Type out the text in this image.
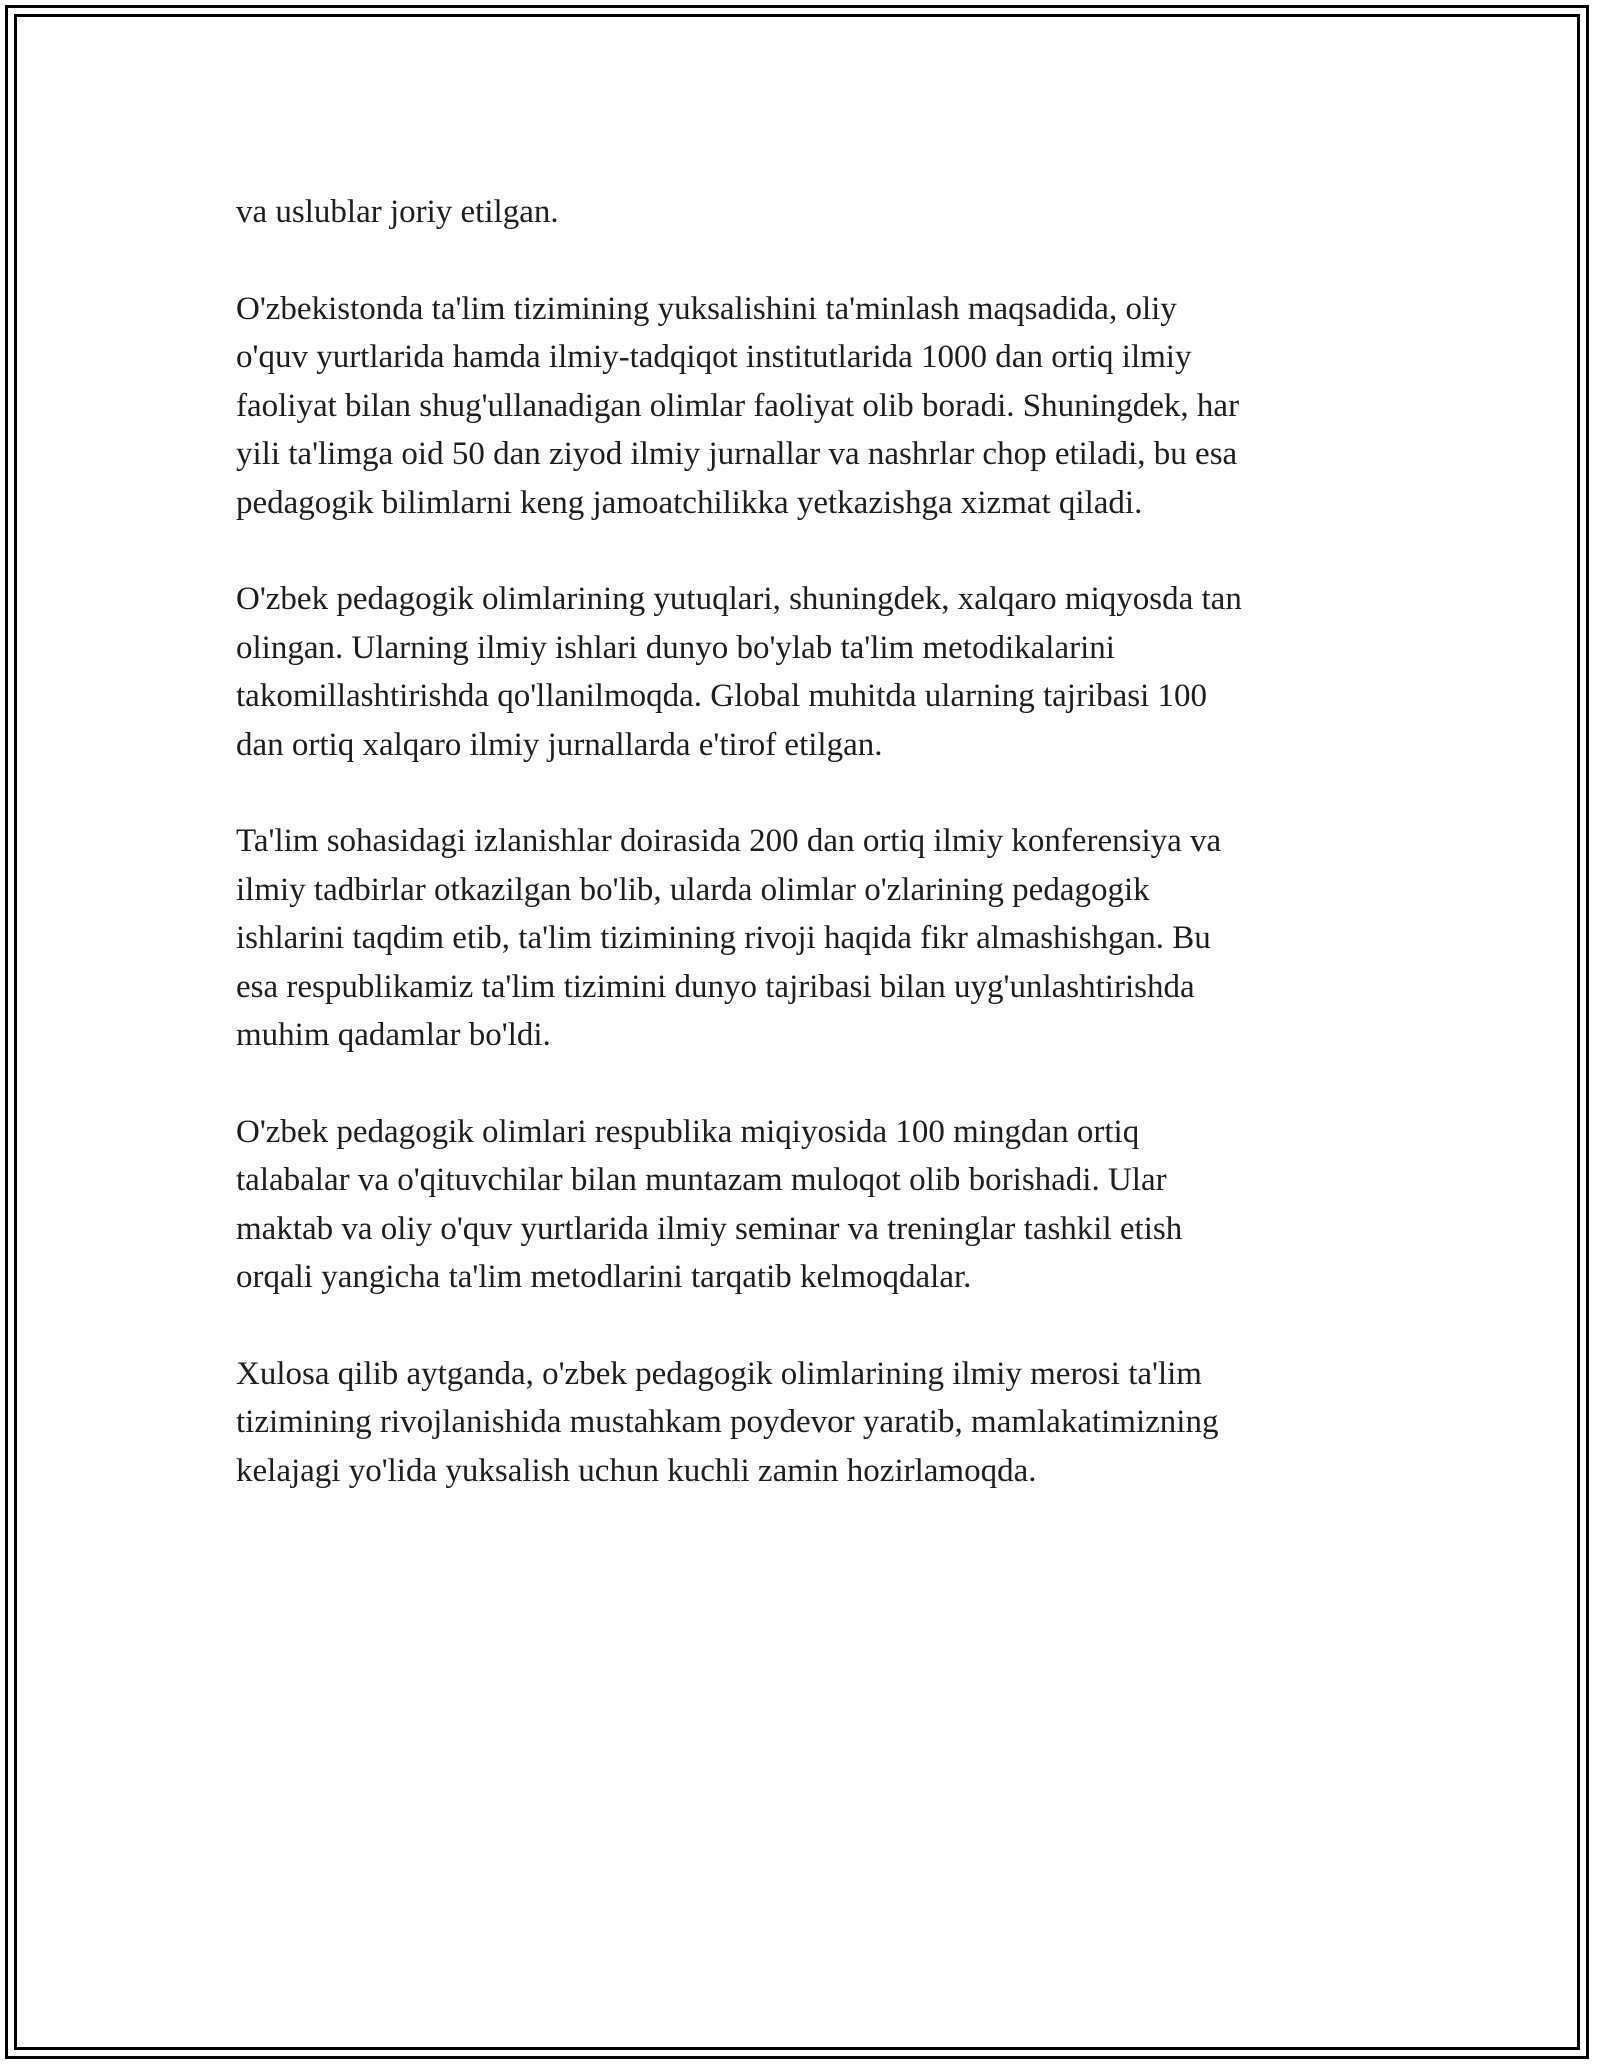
va uslublar joriy etilgan.

O'zbekistonda ta'lim tizimining yuksalishini ta'minlash maqsadida, oliy
o'quv yurtlarida hamda ilmiy-tadqiqot institutlarida 1000 dan ortiq ilmiy
faoliyat bilan shug'ullanadigan olimlar faoliyat olib boradi. Shuningdek, har
yili ta'limga oid 50 dan ziyod ilmiy jurnallar va nashrlar chop etiladi, bu esa
pedagogik bilimlarni keng jamoatchilikka yetkazishga xizmat qiladi.

O'zbek pedagogik olimlarining yutuqlari, shuningdek, xalqaro miqyosda tan
olingan. Ularning ilmiy ishlari dunyo bo'ylab ta'lim metodikalarini
takomillashtirishda qo'llanilmoqda. Global muhitda ularning tajribasi 100
dan ortiq xalqaro ilmiy jurnallarda e'tirof etilgan.

Ta'lim sohasidagi izlanishlar doirasida 200 dan ortiq ilmiy konferensiya va
ilmiy tadbirlar otkazilgan bo'lib, ularda olimlar o'zlarining pedagogik
ishlarini taqdim etib, ta'lim tizimining rivoji haqida fikr almashishgan. Bu
esa respublikamiz ta'lim tizimini dunyo tajribasi bilan uyg'unlashtirishda
muhim qadamlar bo'ldi.

O'zbek pedagogik olimlari respublika miqiyosida 100 mingdan ortiq
talabalar va o'qituvchilar bilan muntazam muloqot olib borishadi. Ular
maktab va oliy o'quv yurtlarida ilmiy seminar va treninglar tashkil etish
orqali yangicha ta'lim metodlarini tarqatib kelmoqdalar.

Xulosa qilib aytganda, o'zbek pedagogik olimlarining ilmiy merosi ta'lim
tizimining rivojlanishida mustahkam poydevor yaratib, mamlakatimizning
kelajagi yo'lida yuksalish uchun kuchli zamin hozirlamoqda.
